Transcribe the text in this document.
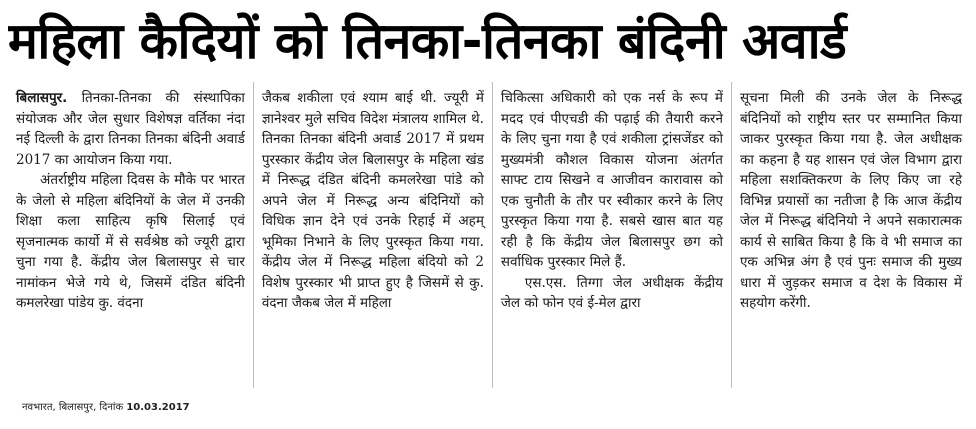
महिला कैदियों को तिनका-तिनका बंदिनी अवार्ड

बिलासपुर. तिनका-तिनका की संस्थापिका संयोजक और जेल सुधार विशेषज्ञ वर्तिका नंदा नई दिल्ली के द्वारा तिनका तिनका बंदिनी अवार्ड 2017 का आयोजन किया गया.

अंतर्राष्ट्रीय महिला दिवस के मौके पर भारत के जेलो से महिला बंदिनियों के जेल में उनकी शिक्षा कला साहित्य कृषि सिलाई एवं सृजनात्मक कार्यो में से सर्वश्रेष्ठ को ज्यूरी द्वारा चुना गया है. केंद्रीय जेल बिलासपुर से चार नामांकन भेजे गये थे, जिसमें दंडित बंदिनी कमलरेखा पांडेय कु. वंदना

जैकब शकीला एवं श्याम बाई थी. ज्यूरी में ज्ञानेश्वर मुले सचिव विदेश मंत्रालय शामिल थे. तिनका तिनका बंदिनी अवार्ड 2017 में प्रथम पुरस्कार केंद्रीय जेल बिलासपुर के महिला खंड में निरूद्ध दंडित बंदिनी कमलरेखा पांडे को अपने जेल में निरूद्ध अन्य बंदिनियों को विधिक ज्ञान देने एवं उनके रिहाई में अहम् भूमिका निभाने के लिए पुरस्कृत किया गया. केंद्रीय जेल में निरूद्ध महिला बंदियो को 2 विशेष पुरस्कार भी प्राप्त हुए है जिसमें से कु. वंदना जैकब जेल में महिला

चिकित्सा अधिकारी को एक नर्स के रूप में मदद एवं पीएचडी की पढ़ाई की तैयारी करने के लिए चुना गया है एवं शकीला ट्रांसजेंडर को मुख्यमंत्री कौशल विकास योजना अंतर्गत साफ्ट टाय सिखने व आजीवन कारावास को एक चुनौती के तौर पर स्वीकार करने के लिए पुरस्कृत किया गया है. सबसे खास बात यह रही है कि केंद्रीय जेल बिलासपुर छग को सर्वाधिक पुरस्कार मिले हैं.

एस.एस. तिग्गा जेल अधीक्षक केंद्रीय जेल को फोन एवं ई-मेल द्वारा

सूचना मिली की उनके जेल के निरूद्ध बंदिनियों को राष्ट्रीय स्तर पर सम्मानित किया जाकर पुरस्कृत किया गया है. जेल अधीक्षक का कहना है यह शासन एवं जेल विभाग द्वारा महिला सशक्तिकरण के लिए किए जा रहे विभिन्न प्रयासों का नतीजा है कि आज केंद्रीय जेल में निरूद्ध बंदिनियो ने अपने सकारात्मक कार्य से साबित किया है कि वे भी समाज का एक अभिन्न अंग है एवं पुनः समाज की मुख्य धारा में जुड़कर समाज व देश के विकास में सहयोग करेंगी.

नवभारत, बिलासपुर, दिनांक 10.03.2017
